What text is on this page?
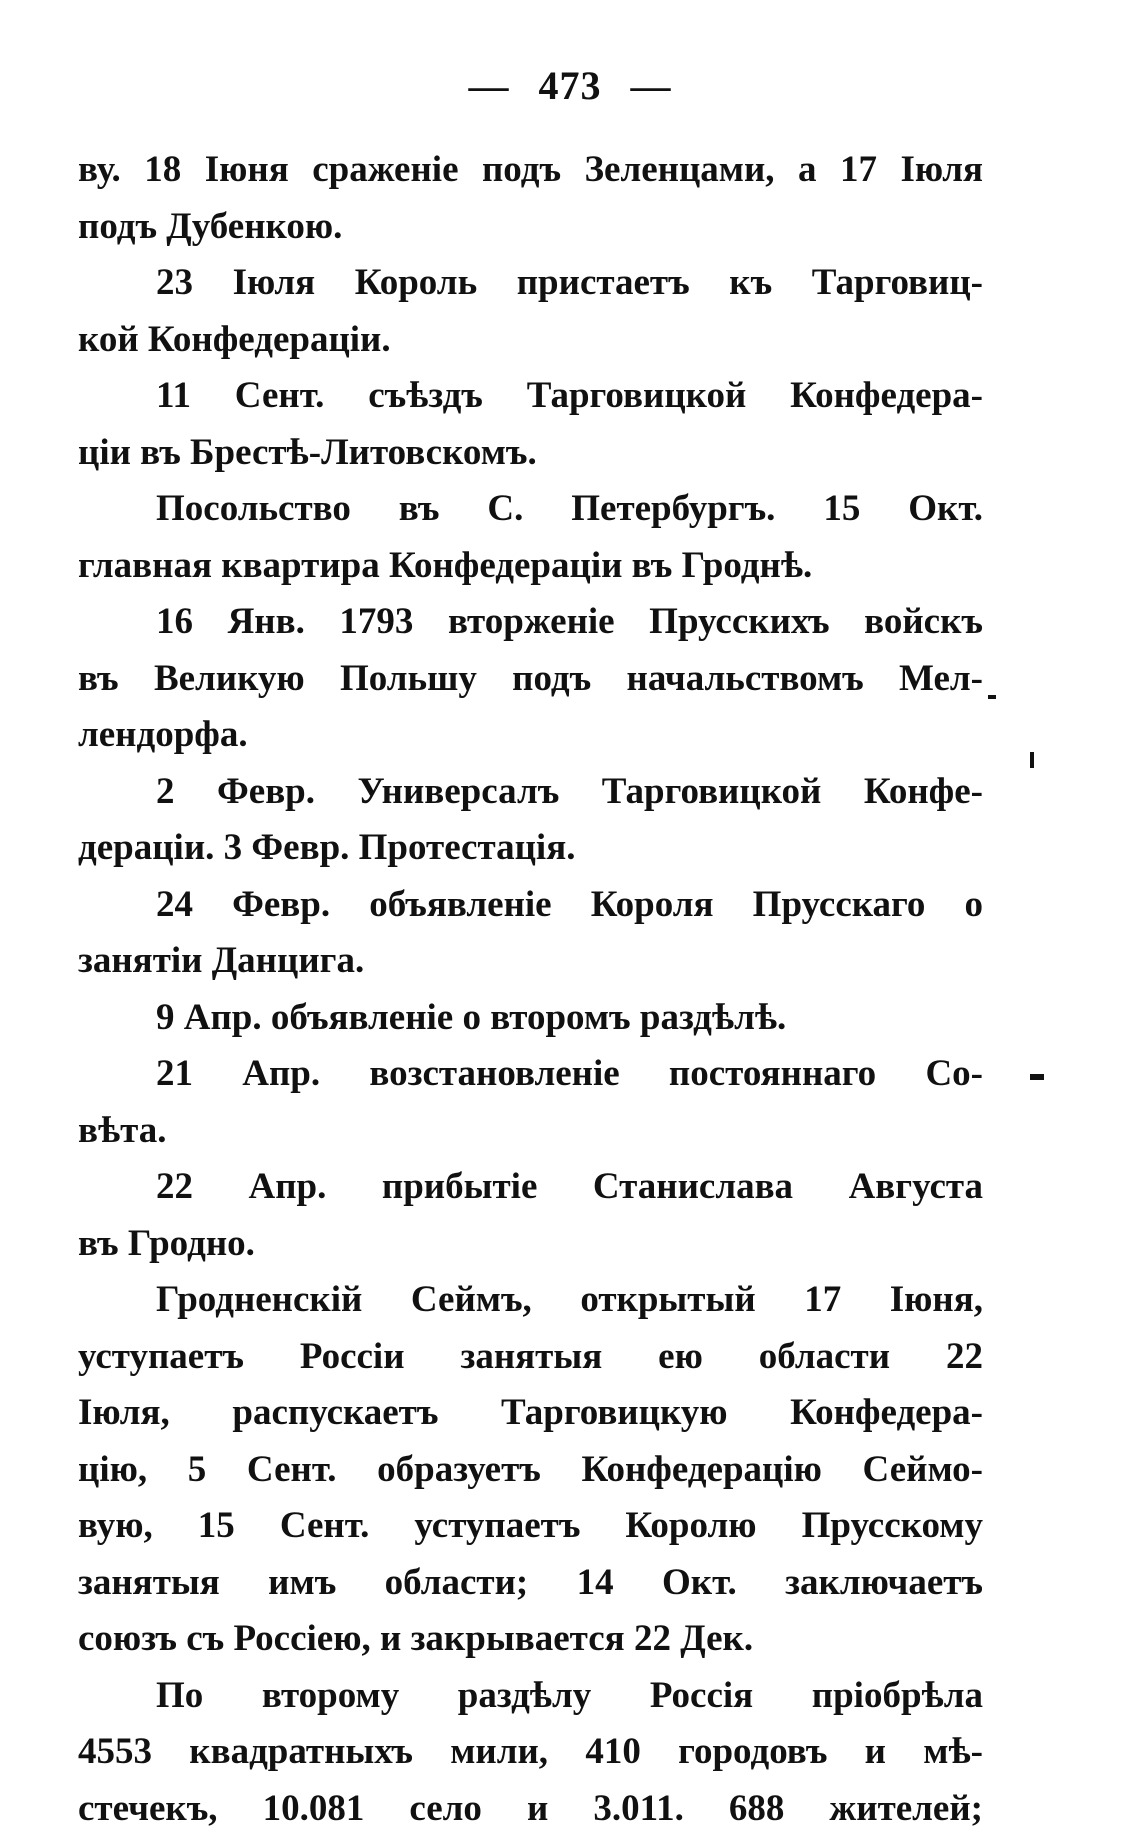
— 473 —
ву. 18 Іюня сраженіе подъ Зеленцами, а 17 Іюля
подъ Дубенкою.
23 Іюля Король пристаетъ къ Тарговиц-
кой Конфедераціи.
11 Сент. съѣздъ Тарговицкой Конфедера-
ціи въ Брестѣ-Литовскомъ.
Посольство въ С. Петербургъ. 15 Окт.
главная квартира Конфедераціи въ Гроднѣ.
16 Янв. 1793 вторженіе Прусскихъ войскъ
въ Великую Польшу подъ начальствомъ Мел-
лендорфа.
2 Февр. Универсалъ Тарговицкой Конфе-
дераціи. 3 Февр. Протестація.
24 Февр. объявленіе Короля Прусскаго о
занятіи Данцига.
9 Апр. объявленіе о второмъ раздѣлѣ.
21 Апр. возстановленіе постояннаго Со-
вѣта.
22 Апр. прибытіе Станислава Августа
въ Гродно.
Гродненскій Сеймъ, открытый 17 Іюня,
уступаетъ Россіи занятыя ею области 22
Іюля, распускаетъ Тарговицкую Конфедера-
цію, 5 Сент. образуетъ Конфедерацію Сеймо-
вую, 15 Сент. уступаетъ Королю Прусскому
занятыя имъ области; 14 Окт. заключаетъ
союзъ съ Россіею, и закрывается 22 Дек.
По второму раздѣлу Россія пріобрѣла
4553 квадратныхъ мили, 410 городовъ и мѣ-
стечекъ, 10.081 село и 3.011. 688 жителей;
